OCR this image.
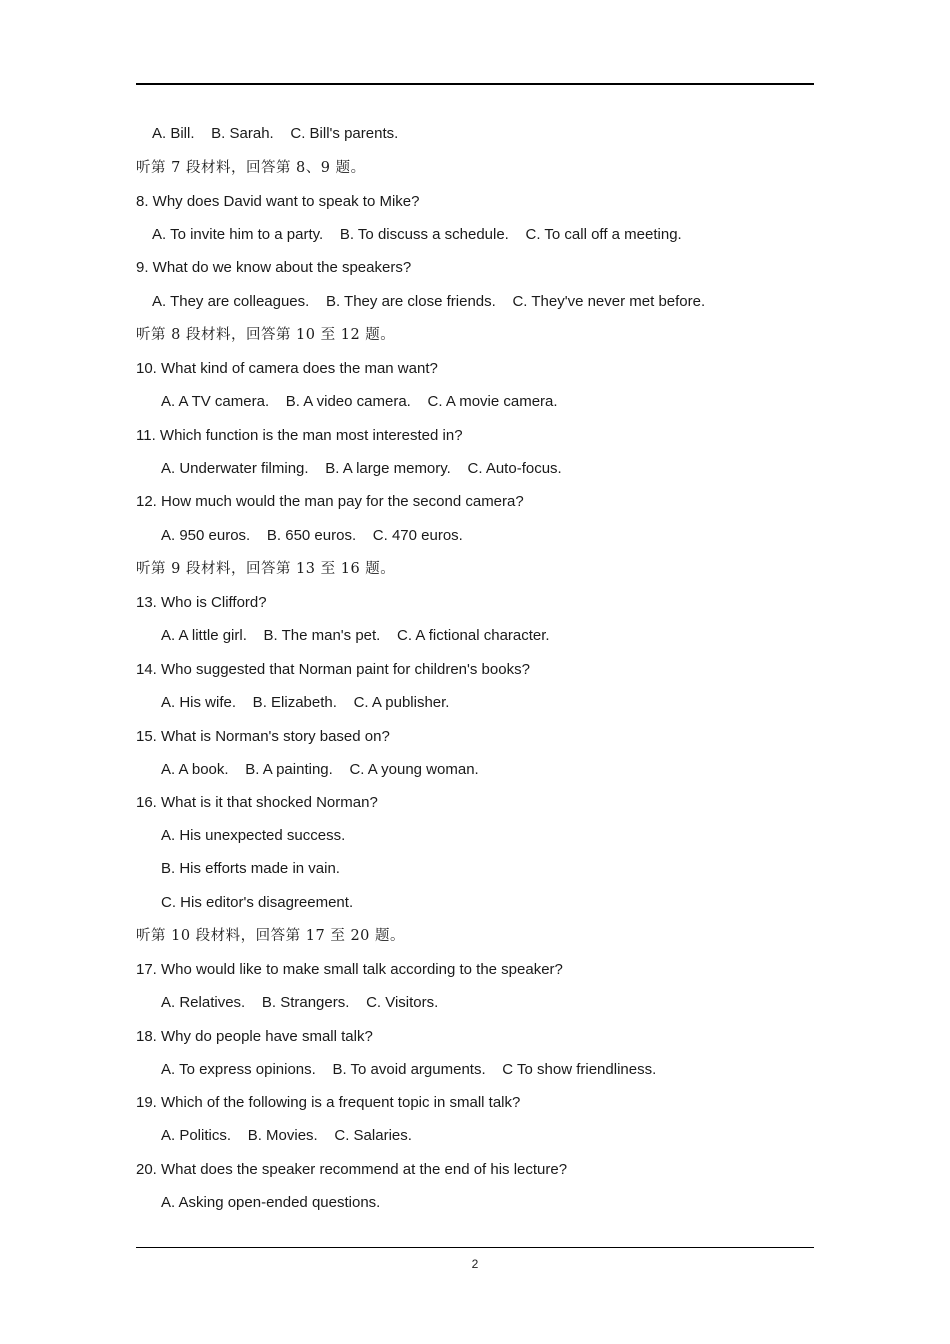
A. Bill.    B. Sarah.    C. Bill's parents.
听第 7 段材料，回答第 8、9 题。
8. Why does David want to speak to Mike?
A. To invite him to a party.    B. To discuss a schedule.    C. To call off a meeting.
9. What do we know about the speakers?
A. They are colleagues.    B. They are close friends.    C. They've never met before.
听第 8 段材料，回答第 10 至 12 题。
10. What kind of camera does the man want?
A. A TV camera.    B. A video camera.    C. A movie camera.
11. Which function is the man most interested in?
A. Underwater filming.    B. A large memory.    C. Auto-focus.
12. How much would the man pay for the second camera?
A. 950 euros.    B. 650 euros.    C. 470 euros.
听第 9 段材料，回答第 13 至 16 题。
13. Who is Clifford?
A. A little girl.    B. The man's pet.    C. A fictional character.
14. Who suggested that Norman paint for children's books?
A. His wife.    B. Elizabeth.    C. A publisher.
15. What is Norman's story based on?
A. A book.    B. A painting.    C. A young woman.
16. What is it that shocked Norman?
A. His unexpected success.
B. His efforts made in vain.
C. His editor's disagreement.
听第 10 段材料，回答第 17 至 20 题。
17. Who would like to make small talk according to the speaker?
A. Relatives.    B. Strangers.    C. Visitors.
18. Why do people have small talk?
A. To express opinions.    B. To avoid arguments.    C To show friendliness.
19. Which of the following is a frequent topic in small talk?
A. Politics.    B. Movies.    C. Salaries.
20. What does the speaker recommend at the end of his lecture?
A. Asking open-ended questions.
2
